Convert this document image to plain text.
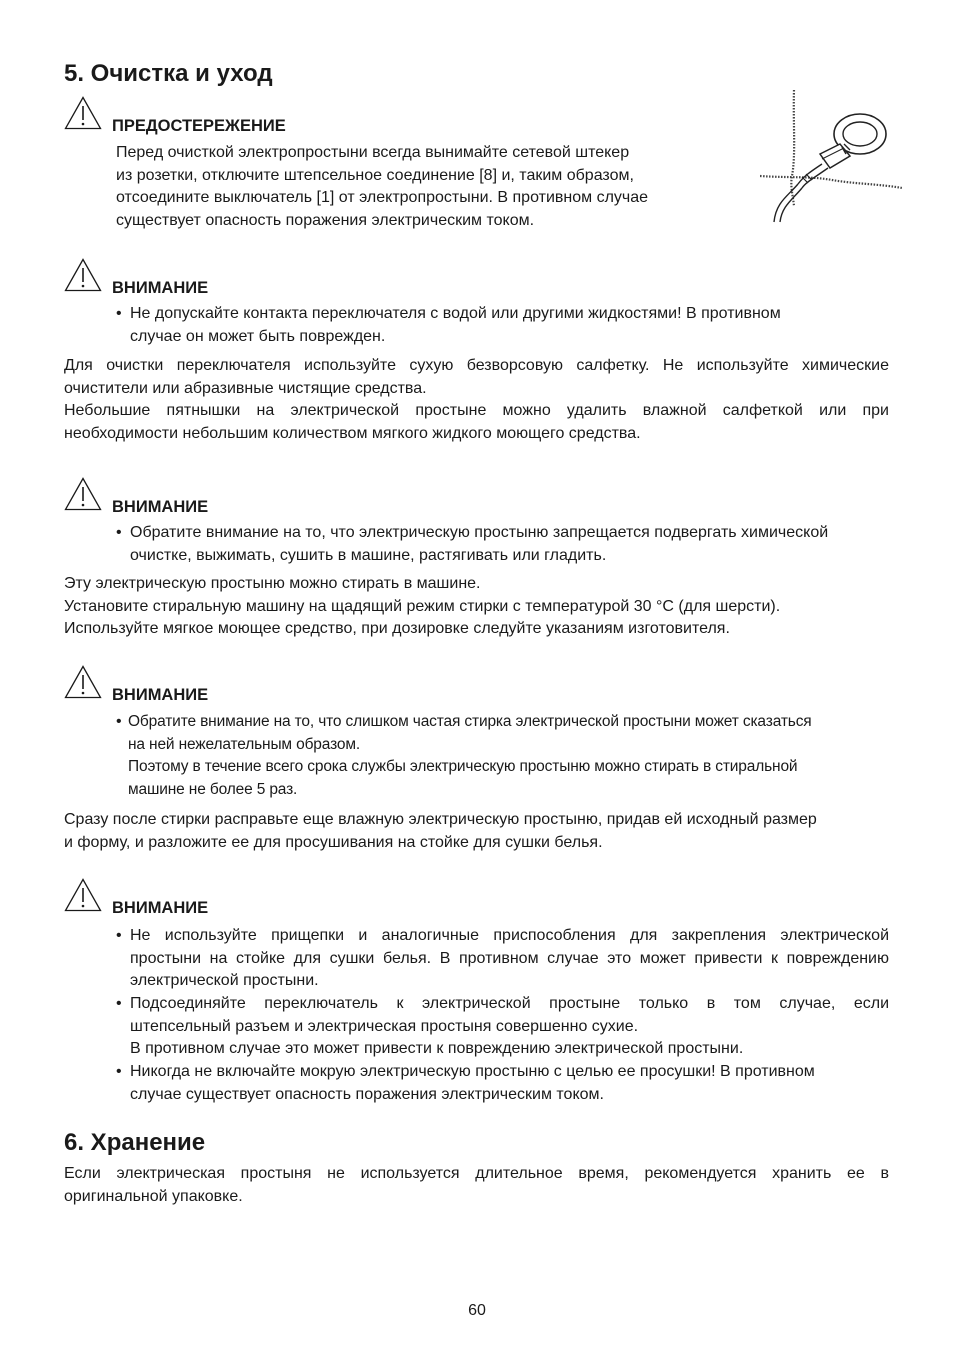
5. Очистка и уход
ПРЕДОСТЕРЕЖЕНИЕ
Перед очисткой электропростыни всегда вынимайте сетевой штекер
из розетки, отключите штепсельное соединение [8] и, таким образом,
отсоедините выключатель [1] от электропростыни. В противном случае
существует опасность поражения электрическим током.
ВНИМАНИЕ
• Не допускайте контакта переключателя с водой или другими жидкостями! В противном
случае он может быть поврежден.
Для очистки переключателя используйте сухую безворсовую салфетку. Не используйте химические
очистители или абразивные чистящие средства.
Небольшие пятнышки на электрической простыне можно удалить влажной салфеткой или при
необходимости небольшим количеством мягкого жидкого моющего средства.
ВНИМАНИЕ
• Обратите внимание на то, что электрическую простыню запрещается подвергать химической
очистке, выжимать, сушить в машине, растягивать или гладить.
Эту электрическую простыню можно стирать в машине.
Установите стиральную машину на щадящий режим стирки с температурой 30 °C (для шерсти).
Используйте мягкое моющее средство, при дозировке следуйте указаниям изготовителя.
ВНИМАНИЕ
• Обратите внимание на то, что слишком частая стирка электрической простыни может сказаться
на ней нежелательным образом.
Поэтому в течение всего срока службы электрическую простыню можно стирать в стиральной
машине не более 5 раз.
Сразу после стирки расправьте еще влажную электрическую простыню, придав ей исходный размер
и форму, и разложите ее для просушивания на стойке для сушки белья.
ВНИМАНИЕ
• Не используйте прищепки и аналогичные приспособления для закрепления электрической
простыни на стойке для сушки белья. В противном случае это может привести к повреждению
электрической простыни.
• Подсоединяйте переключатель к электрической простыне только в том случае, если
штепсельный разъем и электрическая простыня совершенно сухие.
В противном случае это может привести к повреждению электрической простыни.
• Никогда не включайте мокрую электрическую простыню с целью ее просушки! В противном
случае существует опасность поражения электрическим током.
6. Хранение
Если электрическая простыня не используется длительное время, рекомендуется хранить ее в
оригинальной упаковке.
60
